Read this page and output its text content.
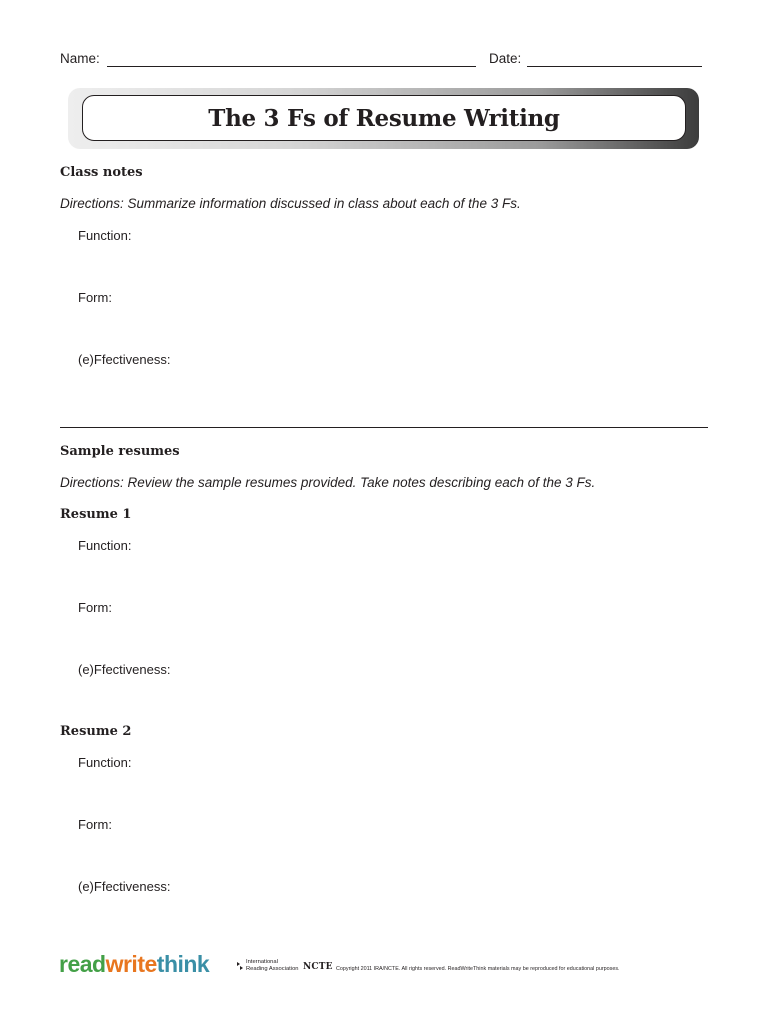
Name:	Date:
The 3 Fs of Resume Writing
Class notes
Directions: Summarize information discussed in class about each of the 3 Fs.
Function:
Form:
(e)Ffectiveness:
Sample resumes
Directions: Review the sample resumes provided. Take notes describing each of the 3 Fs.
Resume 1
Function:
Form:
(e)Ffectiveness:
Resume 2
Function:
Form:
(e)Ffectiveness:
read write think	International
Reading Association NCTE Copyright 2011 IRA/NCTE. All rights reserved. ReadWriteThink materials may be reproduced for educational purposes.
